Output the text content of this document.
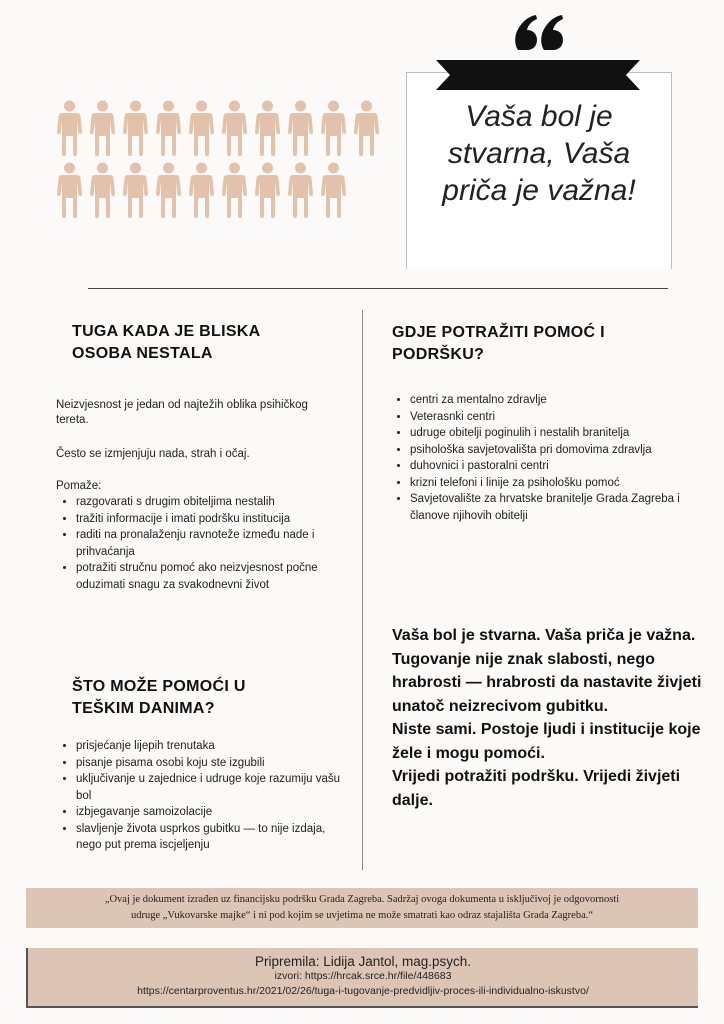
Vaša bol je
stvarna, Vaša
priča je važna!
TUGA KADA JE BLISKA
OSOBA NESTALA

Neizvjesnost je jedan od najtežih oblika psihičkog tereta.

Često se izmjenjuju nada, strah i očaj.

Pomaže:

• razgovarati s drugim obiteljima nestalih
• tražiti informacije i imati podršku institucija
• raditi na pronalaženju ravnoteže između nade i prihvaćanja
• potražiti stručnu pomoć ako neizvjesnost počne oduzimati snagu za svakodnevni život
ŠTO MOŽE POMOĆI U
TEŠKIM DANIMA?
• prisjećanje lijepih trenutaka
• pisanje pisama osobi koju ste izgubili
• uključivanje u zajednice i udruge koje razumiju vašu bol
• izbjegavanje samoizolacije
• slavljenje života usprkos gubitku — to nije izdaja, nego put prema iscjeljenju
GDJE POTRAŽITI POMOĆ I
PODRŠKU?
• centri za mentalno zdravlje
• Veterasnki centri
• udruge obitelji poginulih i nestalih branitelja
• psihološka savjetovališta pri domovima zdravlja
• duhovnici i pastoralni centri
• krizni telefoni i linije za psihološku pomoć
• Savjetovalište za hrvatske branitelje Grada Zagreba i članove njihovih obitelji
Vaša bol je stvarna. Vaša priča je važna.
Tugovanje nije znak slabosti, nego hrabrosti — hrabrosti da nastavite živjeti unatoč neizrecivom gubitku.
Niste sami. Postoje ljudi i institucije koje žele i mogu pomoći.
Vrijedi potražiti podršku. Vrijedi živjeti dalje.
„Ovaj je dokument izrađen uz financijsku podršku Grada Zagreba. Sadržaj ovoga dokumenta u isključivoj je odgovornosti
udruge „Vukovarske majke“ i ni pod kojim se uvjetima ne može smatrati kao odraz stajališta Grada Zagreba.“
Pripremila: Lidija Jantol, mag.psych.
izvori: https://hrcak.srce.hr/file/448683
https://centarproventus.hr/2021/02/26/tuga-i-tugovanje-predvidljiv-proces-ili-individualno-iskustvo/
